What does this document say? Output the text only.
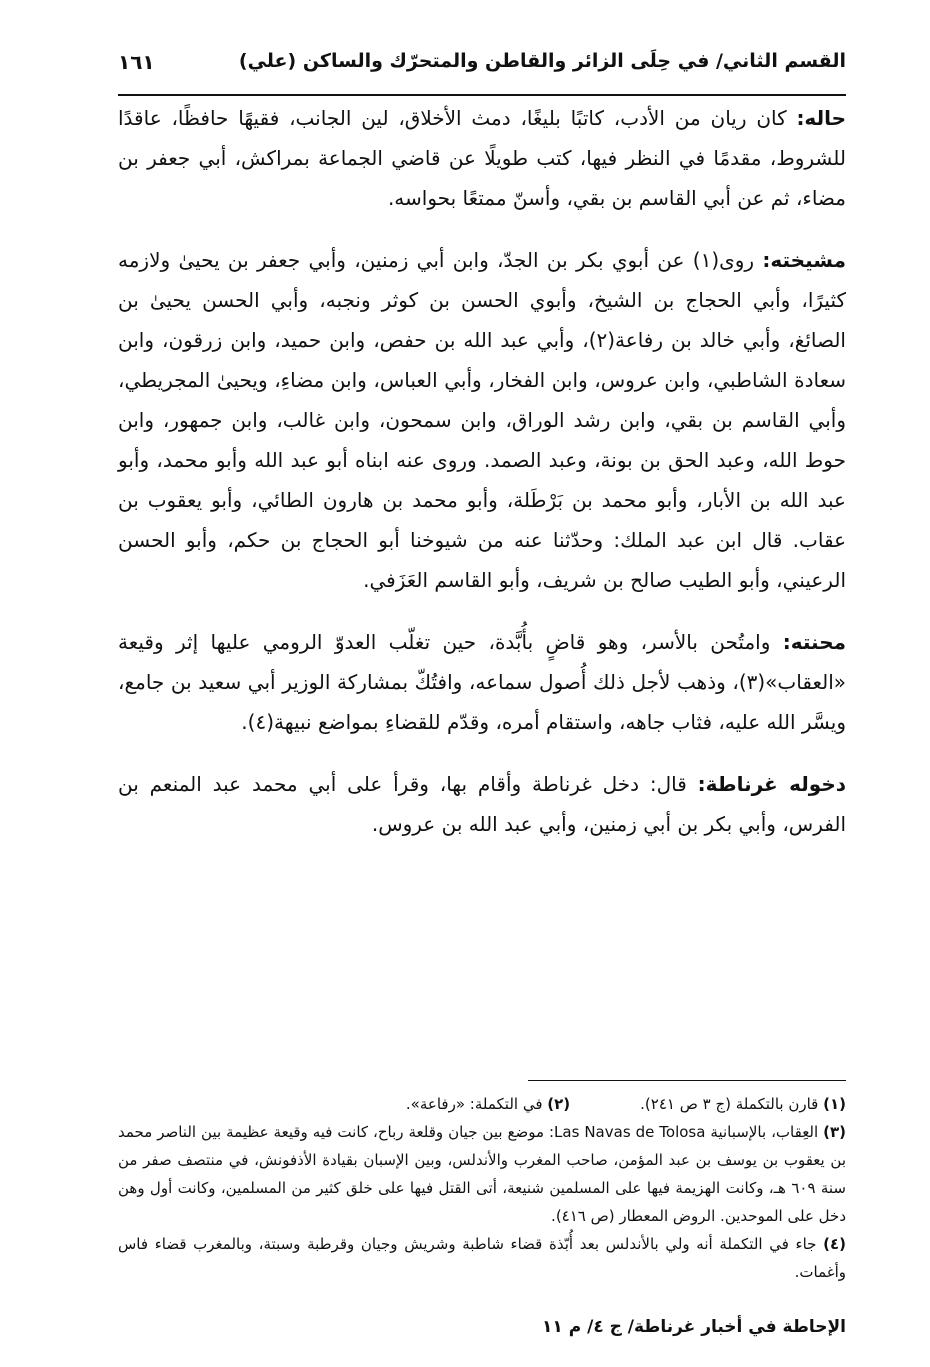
القسم الثاني/ في حِلَى الزائر والقاطن والمتحرّك والساكن (علي)
١٦١

حاله: كان ريان من الأدب، كاتبًا بليغًا، دمث الأخلاق، لين الجانب، فقيهًا حافظًا، عاقدًا للشروط، مقدمًا في النظر فيها، كتب طويلًا عن قاضي الجماعة بمراكش، أبي جعفر بن مضاء، ثم عن أبي القاسم بن بقي، وأسنّ ممتعًا بحواسه.

مشيخته: روى(١) عن أبوي بكر بن الجدّ، وابن أبي زمنين، وأبي جعفر بن يحيىٰ ولازمه كثيرًا، وأبي الحجاج بن الشيخ، وأبوي الحسن بن كوثر ونجبه، وأبي الحسن يحيىٰ بن الصائغ، وأبي خالد بن رفاعة(٢)، وأبي عبد الله بن حفص، وابن حميد، وابن زرقون، وابن سعادة الشاطبي، وابن عروس، وابن الفخار، وأبي العباس، وابن مضاءِ، ويحيىٰ المجريطي، وأبي القاسم بن بقي، وابن رشد الوراق، وابن سمحون، وابن غالب، وابن جمهور، وابن حوط الله، وعبد الحق بن بونة، وعبد الصمد. وروى عنه ابناه أبو عبد الله وأبو محمد، وأبو عبد الله بن الأبار، وأبو محمد بن بَرْطَلة، وأبو محمد بن هارون الطائي، وأبو يعقوب بن عقاب. قال ابن عبد الملك: وحدّثنا عنه من شيوخنا أبو الحجاج بن حكم، وأبو الحسن الرعيني، وأبو الطيب صالح بن شريف، وأبو القاسم العَزَفي.

محنته: وامتُحن بالأسر، وهو قاضٍ بأُبَّدة، حين تغلّب العدوّ الرومي عليها إثر وقيعة «العقاب»(٣)، وذهب لأجل ذلك أُصول سماعه، وافتُكّ بمشاركة الوزير أبي سعيد بن جامع، ويسَّر الله عليه، فثاب جاهه، واستقام أمره، وقدّم للقضاءِ بمواضع نبيهة(٤).

دخوله غرناطة: قال: دخل غرناطة وأقام بها، وقرأ على أبي محمد عبد المنعم بن الفرس، وأبي بكر بن أبي زمنين، وأبي عبد الله بن عروس.

(١) قارن بالتكملة (ج ٣ ص ٢٤١).
(٢) في التكملة: «رفاعة».
(٣) العِقاب، بالإسبانية Las Navas de Tolosa: موضع بين جيان وقلعة رباح، كانت فيه وقيعة عظيمة بين الناصر محمد بن يعقوب بن يوسف بن عبد المؤمن، صاحب المغرب والأندلس، وبين الإسبان بقيادة الأذفونش، في منتصف صفر من سنة ٦٠٩ هـ، وكانت الهزيمة فيها على المسلمين شنيعة، أتى القتل فيها على خلق كثير من المسلمين، وكانت أول وهن دخل على الموحدين. الروض المعطار (ص ٤١٦).
(٤) جاء في التكملة أنه ولي بالأندلس بعد أُبّذة قضاء شاطبة وشريش وجيان وقرطبة وسبتة، وبالمغرب قضاء فاس وأغمات.
الإحاطة في أخبار غرناطة/ ج ٤/ م ١١
